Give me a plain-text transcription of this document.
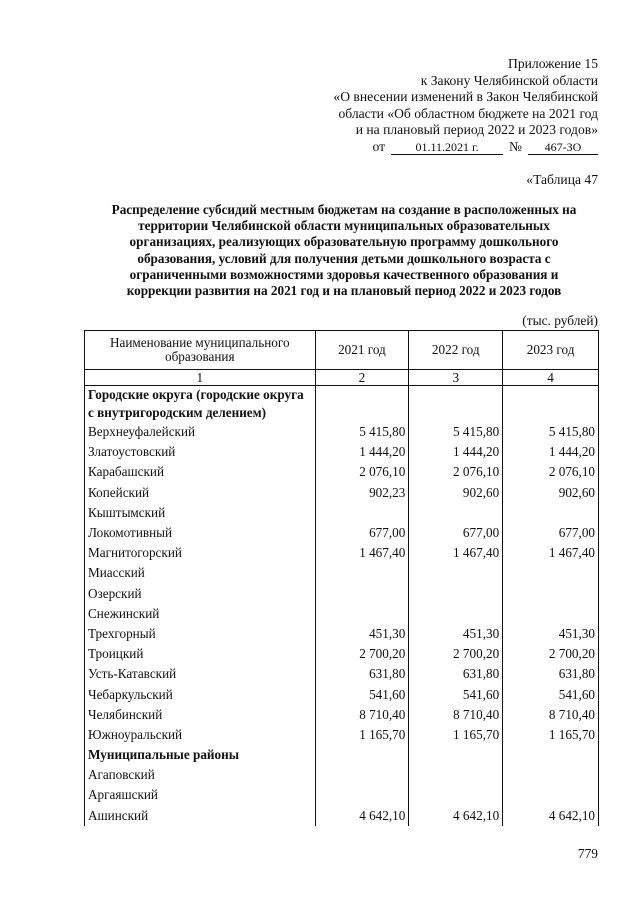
Приложение 15
к Закону Челябинской области
«О внесении изменений в Закон Челябинской
области «Об областном бюджете на 2021 год
и на плановый период 2022 и 2023 годов»
от	01.11.2021 г.	№	467-ЗО
«Таблица 47
Распределение субсидий местным бюджетам на создание в расположенных на
территории Челябинской области муниципальных образовательных
организациях, реализующих образовательную программу дошкольного
образования, условий для получения детьми дошкольного возраста с
ограниченными возможностями здоровья качественного образования и
коррекции развития на 2021 год и на плановый период 2022 и 2023 годов
(тыс. рублей)
Наименование муниципального образования	2021 год	2022 год	2023 год
1	2	3	4
Городские округа (городские округа с внутригородским делением)			
Верхнеуфалейский	5 415,80	5 415,80	5 415,80
Златоустовский	1 444,20	1 444,20	1 444,20
Карабашский	2 076,10	2 076,10	2 076,10
Копейский	902,23	902,60	902,60
Кыштымский			
Локомотивный	677,00	677,00	677,00
Магнитогорский	1 467,40	1 467,40	1 467,40
Миасский			
Озерский			
Снежинский			
Трехгорный	451,30	451,30	451,30
Троицкий	2 700,20	2 700,20	2 700,20
Усть-Катавский	631,80	631,80	631,80
Чебаркульский	541,60	541,60	541,60
Челябинский	8 710,40	8 710,40	8 710,40
Южноуральский	1 165,70	1 165,70	1 165,70
Муниципальные районы			
Агаповский			
Аргаяшский			
Ашинский	4 642,10	4 642,10	4 642,10
779
